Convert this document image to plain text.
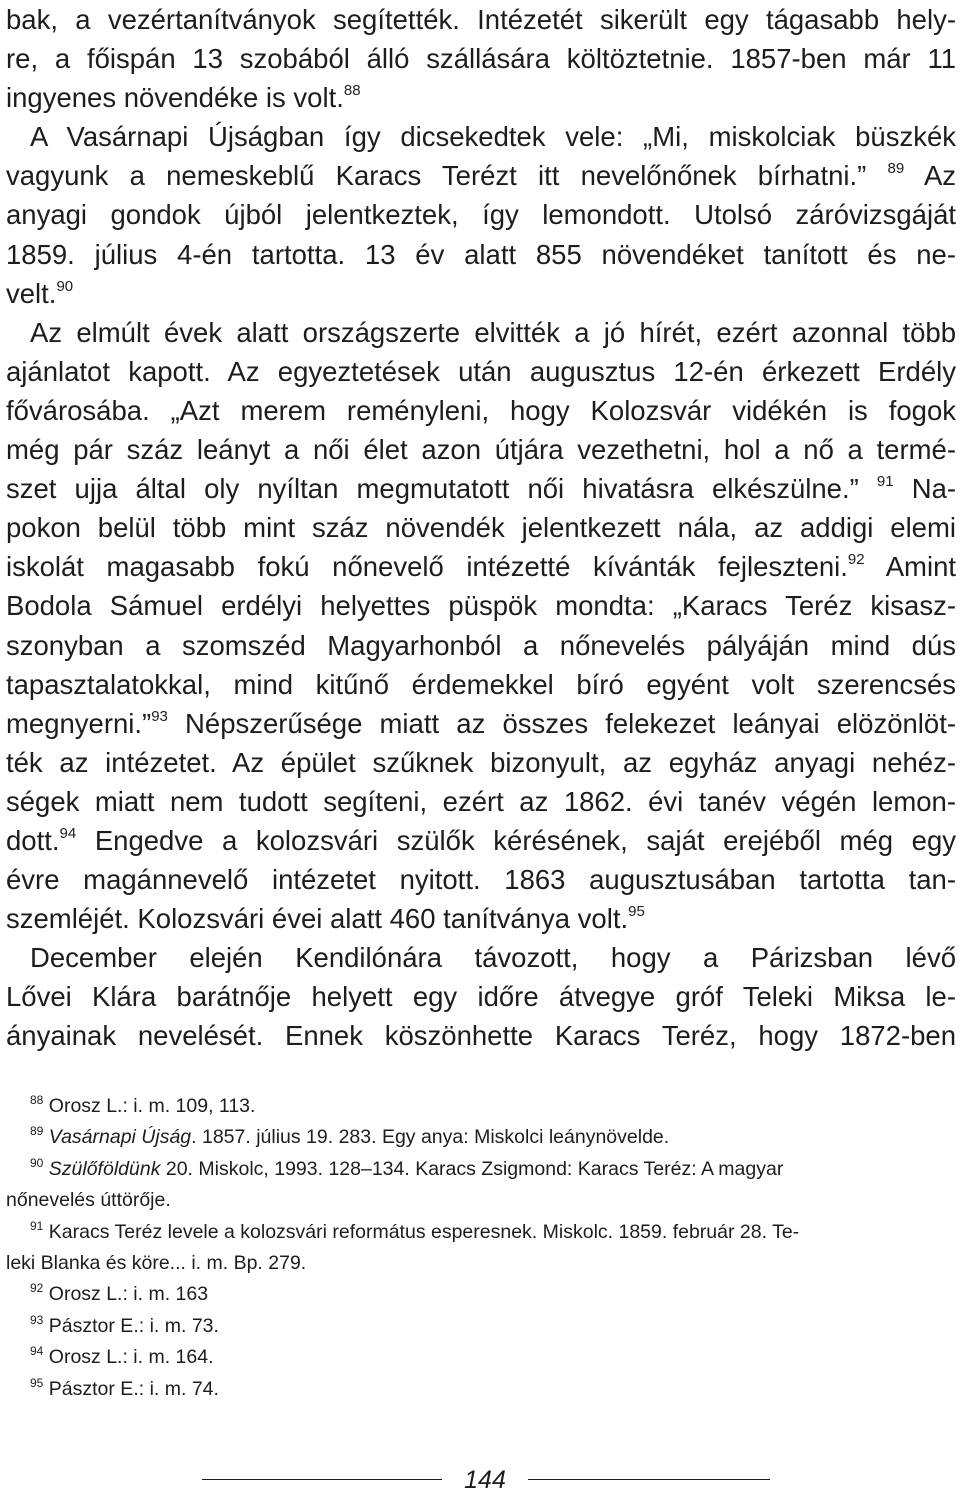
bak, a vezértanítványok segítették. Intézetét sikerült egy tágasabb hely-
re, a főispán 13 szobából álló szállására költöztetnie. 1857-ben már 11
ingyenes növendéke is volt.$^{88}$
A Vasárnapi Újságban így dicsekedtek vele: „Mi, miskolciak büszkék
vagyunk a nemeskeblű Karacs Terézt itt nevelőnőnek bírhatni.” $^{89}$ Az
anyagi gondok újból jelentkeztek, így lemondott. Utolsó záróvizsgáját
1859. július 4-én tartotta. 13 év alatt 855 növendéket tanított és ne-
velt.$^{90}$
Az elmúlt évek alatt országszerte elvitték a jó hírét, ezért azonnal több
ajánlatot kapott. Az egyeztetések után augusztus 12-én érkezett Erdély
fővárosába. „Azt merem reményleni, hogy Kolozsvár vidékén is fogok
még pár száz leányt a női élet azon útjára vezethetni, hol a nő a termé-
szet ujja által oly nyíltan megmutatott női hivatásra elkészülne.” $^{91}$ Na-
pokon belül több mint száz növendék jelentkezett nála, az addigi elemi
iskolát magasabb fokú nőnevelő intézetté kívánták fejleszteni.$^{92}$ Amint
Bodola Sámuel erdélyi helyettes püspök mondta: „Karacs Teréz kisasz-
szonyban a szomszéd Magyarhonból a nőnevelés pályáján mind dús
tapasztalatokkal, mind kitűnő érdemekkel bíró egyént volt szerencsés
megnyerni.”$^{93}$ Népszerűsége miatt az összes felekezet leányai elözönlöt-
ték az intézetet. Az épület szűknek bizonyult, az egyház anyagi nehéz-
ségek miatt nem tudott segíteni, ezért az 1862. évi tanév végén lemon-
dott.$^{94}$ Engedve a kolozsvári szülők kérésének, saját erejéből még egy
évre magánnevelő intézetet nyitott. 1863 augusztusában tartotta tan-
szemléjét. Kolozsvári évei alatt 460 tanítványa volt.$^{95}$
December elején Kendilónára távozott, hogy a Párizsban lévő
Lővei Klára barátnője helyett egy időre átvegye gróf Teleki Miksa le-
ányainak nevelését. Ennek köszönhette Karacs Teréz, hogy 1872-ben
$^{88}$ Orosz L.: i. m. 109, 113.
$^{89}$ Vasárnapi Újság. 1857. július 19. 283. Egy anya: Miskolci leánynövelde.
$^{90}$ Szülőföldünk 20. Miskolc, 1993. 128–134. Karacs Zsigmond: Karacs Teréz: A magyar
nőnevelés úttörője.
$^{91}$ Karacs Teréz levele a kolozsvári református esperesnek. Miskolc. 1859. február 28. Te-
leki Blanka és köre... i. m. Bp. 279.
$^{92}$ Orosz L.: i. m. 163
$^{93}$ Pásztor E.: i. m. 73.
$^{94}$ Orosz L.: i. m. 164.
$^{95}$ Pásztor E.: i. m. 74.
144
